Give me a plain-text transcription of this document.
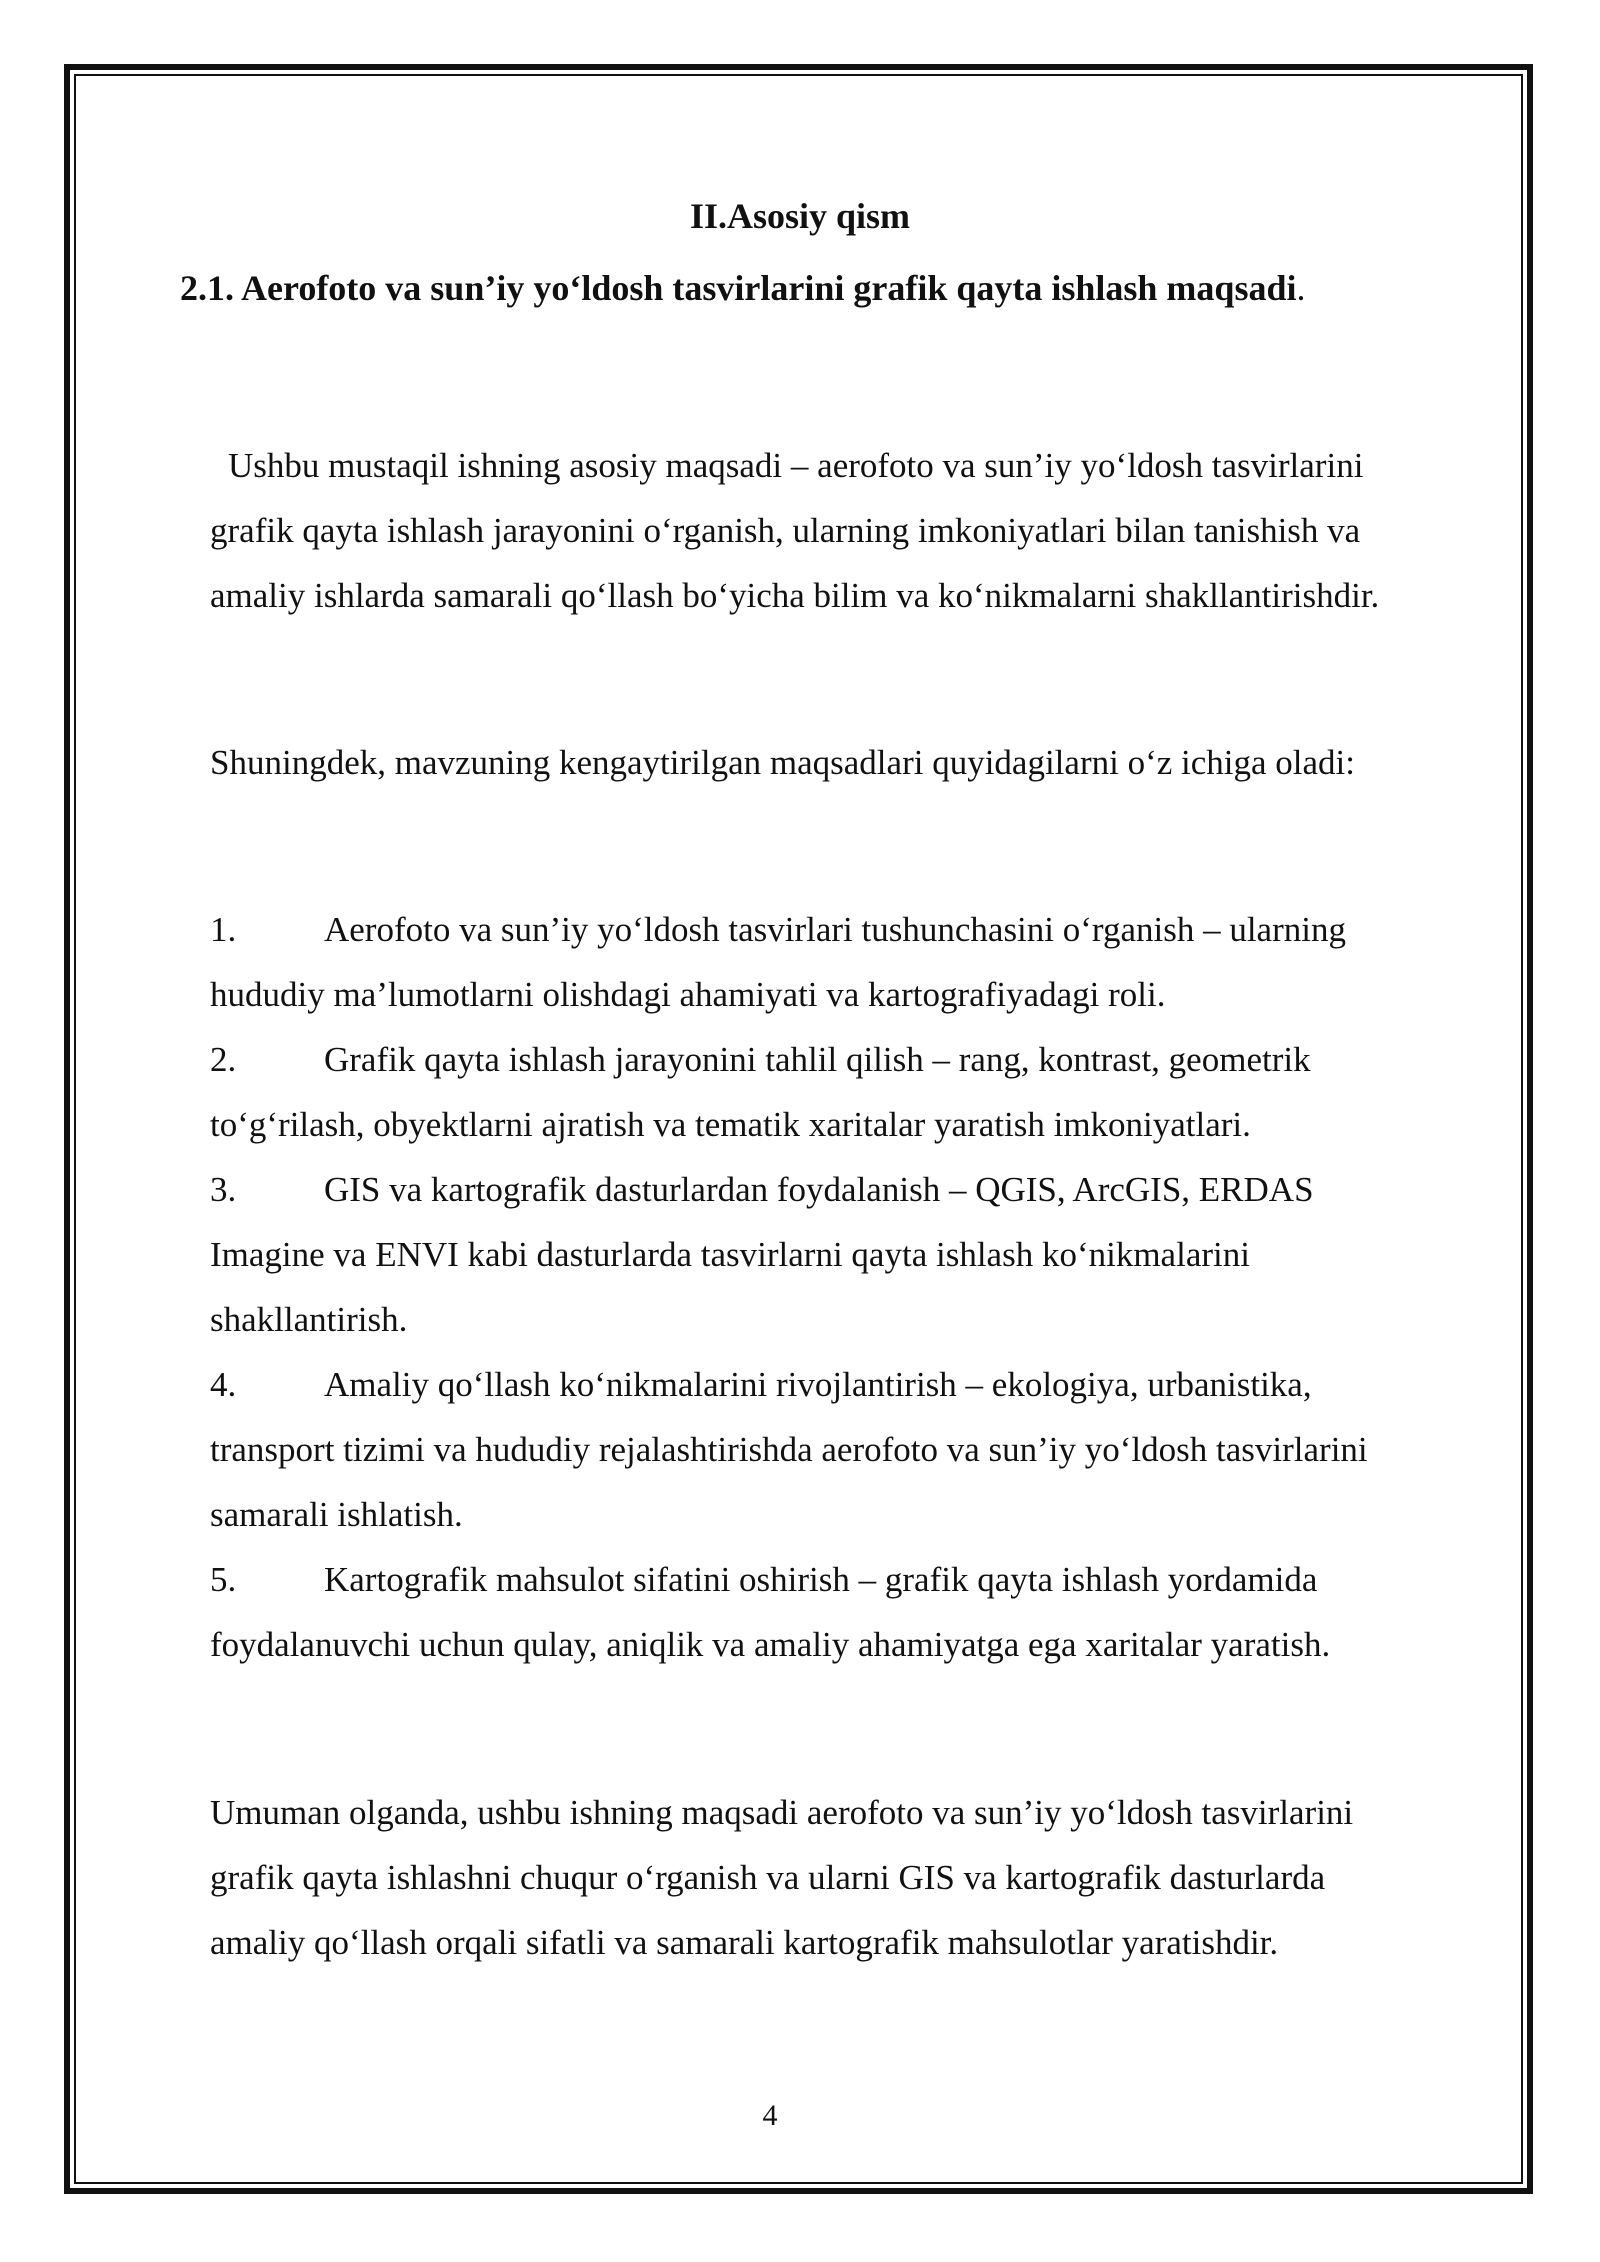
II.Asosiy qism
2.1. Aerofoto va sun’iy yo‘ldosh tasvirlarini grafik qayta ishlash maqsadi.

Ushbu mustaqil ishning asosiy maqsadi – aerofoto va sun’iy yo‘ldosh tasvirlarini grafik qayta ishlash jarayonini o‘rganish, ularning imkoniyatlari bilan tanishish va amaliy ishlarda samarali qo‘llash bo‘yicha bilim va ko‘nikmalarni shakllantirishdir.

Shuningdek, mavzuning kengaytirilgan maqsadlari quyidagilarni o‘z ichiga oladi:

1.	Aerofoto va sun’iy yo‘ldosh tasvirlari tushunchasini o‘rganish – ularning hududiy ma’lumotlarni olishdagi ahamiyati va kartografiyadagi roli.
2.	Grafik qayta ishlash jarayonini tahlil qilish – rang, kontrast, geometrik to‘g‘rilash, obyektlarni ajratish va tematik xaritalar yaratish imkoniyatlari.
3.	GIS va kartografik dasturlardan foydalanish – QGIS, ArcGIS, ERDAS Imagine va ENVI kabi dasturlarda tasvirlarni qayta ishlash ko‘nikmalarini shakllantirish.
4.	Amaliy qo‘llash ko‘nikmalarini rivojlantirish – ekologiya, urbanistika, transport tizimi va hududiy rejalashtirishda aerofoto va sun’iy yo‘ldosh tasvirlarini samarali ishlatish.
5.	Kartografik mahsulot sifatini oshirish – grafik qayta ishlash yordamida foydalanuvchi uchun qulay, aniqlik va amaliy ahamiyatga ega xaritalar yaratish.

Umuman olganda, ushbu ishning maqsadi aerofoto va sun’iy yo‘ldosh tasvirlarini grafik qayta ishlashni chuqur o‘rganish va ularni GIS va kartografik dasturlarda amaliy qo‘llash orqali sifatli va samarali kartografik mahsulotlar yaratishdir.

4
